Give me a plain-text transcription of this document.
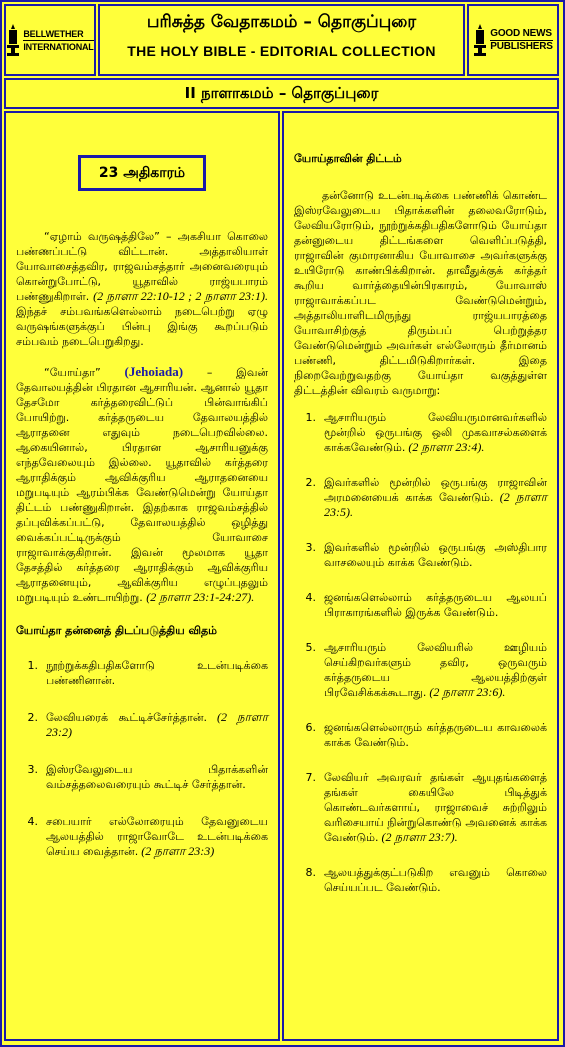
BELLWETHER
INTERNATIONAL
பரிசுத்த வேதாகமம் – தொகுப்புரை
THE HOLY BIBLE - EDITORIAL COLLECTION
GOOD NEWS
PUBLISHERS
II நாளாகமம் – தொகுப்புரை
23 அதிகாரம்

“ஏழாம் வருஷத்திலே” – அகசியா கொலை பண்ணப்பட்டு விட்டான். அத்தாலியாள் யோவாசைத்தவிர, ராஜவம்சத்தார் அனைவரையும் கொன்றுபோட்டு, யூதாவில் ராஜ்யபாரம் பண்ணுகிறாள். (2 நாளா 22:10-12 ; 2 நாளா 23:1). இந்தச் சம்பவங்களெல்லாம் நடைபெற்று ஏழு வருஷங்களுக்குப் பின்பு இங்கு கூறப்படும் சம்பவம் நடைபெறுகிறது.

“யோய்தா” (Jehoiada) – இவன் தேவாலயத்தின் பிரதான ஆசாரியன். ஆனால் யூதா தேசமோ கர்த்தரைவிட்டுப் பின்வாங்கிப் போயிற்று. கர்த்தருடைய தேவாலயத்தில் ஆராதனை எதுவும் நடைபெறவில்லை. ஆகையினால், பிரதான ஆசாரியனுக்கு எந்தவேலையும் இல்லை. யூதாவில் கர்த்தரை ஆராதிக்கும் ஆவிக்குரிய ஆராதனையை மறுபடியும் ஆரம்பிக்க வேண்டுமென்று யோய்தா திட்டம் பண்ணுகிறான். இதற்காக ராஜவம்சத்தில் தப்புவிக்கப்பட்டு, தேவாலயத்தில் ஒழித்து வைக்கப்பட்டிருக்கும் யோவாசை ராஜாவாக்குகிறான். இவன் மூலமாக யூதா தேசத்தில் கர்த்தரை ஆராதிக்கும் ஆவிக்குரிய ஆராதனையும், ஆவிக்குரிய எழுப்புதலும் மறுபடியும் உண்டாயிற்று. (2 நாளா 23:1-24:27).

யோய்தா தன்னைத் திடப்படுத்திய விதம்

1. நூற்றுக்கதிபதிகளோடு உடன்படிக்கை பண்ணினான்.
2. லேவியரைக் கூட்டிச்சேர்த்தான். (2 நாளா 23:2)
3. இஸ்ரவேலுடைய பிதாக்களின் வம்சத்தலைவரையும் கூட்டிச் சேர்த்தான்.
4. சபையார் எல்லோரையும் தேவனுடைய ஆலயத்தில் ராஜாவோடே உடன்படிக்கை செய்ய வைத்தான். (2 நாளா 23:3)

யோய்தாவின் திட்டம்

தன்னோடு உடன்படிக்கை பண்ணிக் கொண்ட இஸ்ரவேலுடைய பிதாக்களின் தலைவரோடும், லேவியரோடும், நூற்றுக்கதிபதிகளோடும் யோய்தா தன்னுடைய திட்டங்களை வெளிப்படுத்தி, ராஜாவின் குமாரனாகிய யோவாசை அவர்களுக்கு உயிரோடு காண்பிக்கிறான். தாவீதுக்குக் கர்த்தர் கூறிய வார்த்தையின்பிரகாரம், யோவாஸ் ராஜாவாக்கப்பட வேண்டுமென்றும், அத்தாலியாளிடமிருந்து ராஜ்யபாரத்தை யோவாசிற்குத் திரும்பப் பெற்றுத்தர வேண்டுமென்றும் அவர்கள் எல்லோரும் தீர்மானம் பண்ணி, திட்டமிடுகிறார்கள். இதை நிறைவேற்றுவதற்கு யோய்தா வகுத்துள்ள திட்டத்தின் விவரம் வருமாறு:

1. ஆசாரியரும் லேவியருமானவர்களில் மூன்றில் ஒருபங்கு ஒலி முகவாசல்களைக் காக்கவேண்டும். (2 நாளா 23:4).
2. இவர்களில் மூன்றில் ஒருபங்கு ராஜாவின் அரமனையைக் காக்க வேண்டும். (2 நாளா 23:5).
3. இவர்களில் மூன்றில் ஒருபங்கு அஸ்திபார வாசலையும் காக்க வேண்டும்.
4. ஜனங்களெல்லாம் கர்த்தருடைய ஆலயப் பிராகாரங்களில் இருக்க வேண்டும்.
5. ஆசாரியரும் லேவியரில் ஊழியம் செய்கிறவர்களும் தவிர, ஒருவரும் கர்த்தருடைய ஆலயத்திற்குள் பிரவேசிக்கக்கூடாது. (2 நாளா 23:6).
6. ஜனங்களெல்லாரும் கர்த்தருடைய காவலைக் காக்க வேண்டும்.
7. லேவியர் அவரவர் தங்கள் ஆயுதங்களைத் தங்கள் கையிலே பிடித்துக் கொண்டவர்களாய், ராஜாவைச் சுற்றிலும் வரிசையாய் நின்றுகொண்டு அவனைக் காக்க வேண்டும். (2 நாளா 23:7).
8. ஆலயத்துக்குட்படுகிற எவனும் கொலை செய்யப்பட வேண்டும்.
